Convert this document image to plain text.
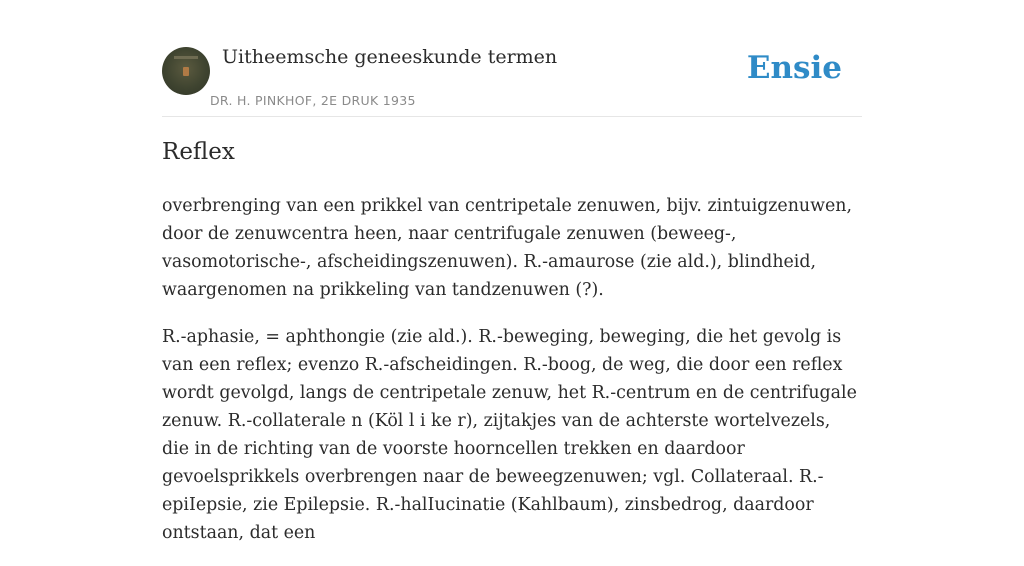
Uitheemsche geneeskunde termen
DR. H. PINKHOF, 2E DRUK 1935
Ensie
Reflex

overbrenging van een prikkel van centripetale zenuwen, bijv. zintuigzenuwen, door de zenuwcentra heen, naar centrifugale zenuwen (beweeg-, vasomotorische-, afscheidingszenuwen). R.-amaurose (zie ald.), blindheid, waargenomen na prikkeling van tandzenuwen (?).

R.-aphasie, = aphthongie (zie ald.). R.-beweging, beweging, die het gevolg is van een reflex; evenzo R.-afscheidingen. R.-boog, de weg, die door een reflex wordt gevolgd, langs de centripetale zenuw, het R.-centrum en de centrifugale zenuw. R.-collaterale n (Köl l i ke r), zijtakjes van de achterste wortelvezels, die in de richting van de voorste hoorncellen trekken en daardoor gevoelsprikkels overbrengen naar de beweegzenuwen; vgl. Collateraal. R.-epiIepsie, zie Epilepsie. R.-halIucinatie (Kahlbaum), zinsbedrog, daardoor ontstaan, dat een
